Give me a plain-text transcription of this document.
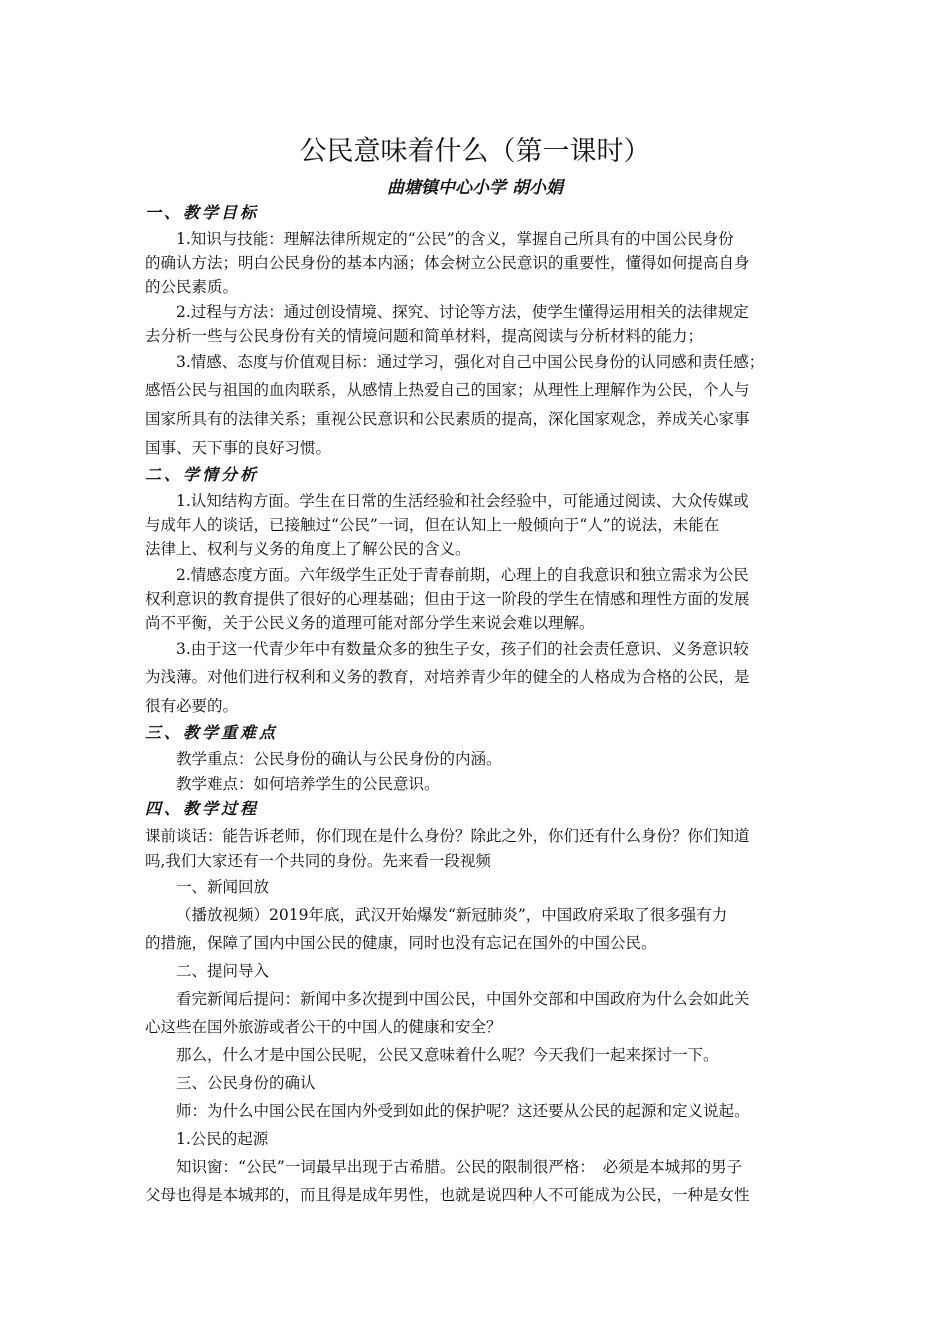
公民意味着什么（第一课时）
曲塘镇中心小学 胡小娟
一、教学目标
1.知识与技能：理解法律所规定的“公民”的含义，掌握自己所具有的中国公民身份
的确认方法；明白公民身份的基本内涵；体会树立公民意识的重要性，懂得如何提高自身
的公民素质。
2.过程与方法：通过创设情境、探究、讨论等方法，使学生懂得运用相关的法律规定
去分析一些与公民身份有关的情境问题和简单材料，提高阅读与分析材料的能力；
3.情感、态度与价值观目标：通过学习，强化对自己中国公民身份的认同感和责任感；
感悟公民与祖国的血肉联系，从感情上热爱自己的国家；从理性上理解作为公民，个人与
国家所具有的法律关系；重视公民意识和公民素质的提高，深化国家观念，养成关心家事
国事、天下事的良好习惯。
二、学情分析
1.认知结构方面。学生在日常的生活经验和社会经验中，可能通过阅读、大众传媒或
与成年人的谈话，已接触过“公民”一词，但在认知上一般倾向于“人”的说法，未能在
法律上、权利与义务的角度上了解公民的含义。
2.情感态度方面。六年级学生正处于青春前期，心理上的自我意识和独立需求为公民
权利意识的教育提供了很好的心理基础；但由于这一阶段的学生在情感和理性方面的发展
尚不平衡，关于公民义务的道理可能对部分学生来说会难以理解。
3.由于这一代青少年中有数量众多的独生子女，孩子们的社会责任意识、义务意识较
为浅薄。对他们进行权利和义务的教育，对培养青少年的健全的人格成为合格的公民，是
很有必要的。
三、教学重难点
教学重点：公民身份的确认与公民身份的内涵。
教学难点：如何培养学生的公民意识。
四、教学过程
课前谈话：能告诉老师，你们现在是什么身份？除此之外，你们还有什么身份？你们知道
吗,我们大家还有一个共同的身份。先来看一段视频
一、新闻回放
（播放视频）2019年底，武汉开始爆发“新冠肺炎”，中国政府采取了很多强有力
的措施，保障了国内中国公民的健康，同时也没有忘记在国外的中国公民。
二、提问导入
看完新闻后提问：新闻中多次提到中国公民，中国外交部和中国政府为什么会如此关
心这些在国外旅游或者公干的中国人的健康和安全？
那么，什么才是中国公民呢，公民又意味着什么呢？今天我们一起来探讨一下。
三、公民身份的确认
师：为什么中国公民在国内外受到如此的保护呢？这还要从公民的起源和定义说起。
1.公民的起源
知识窗：“公民”一词最早出现于古希腊。公民的限制很严格：　必须是本城邦的男子
父母也得是本城邦的，而且得是成年男性，也就是说四种人不可能成为公民，一种是女性
